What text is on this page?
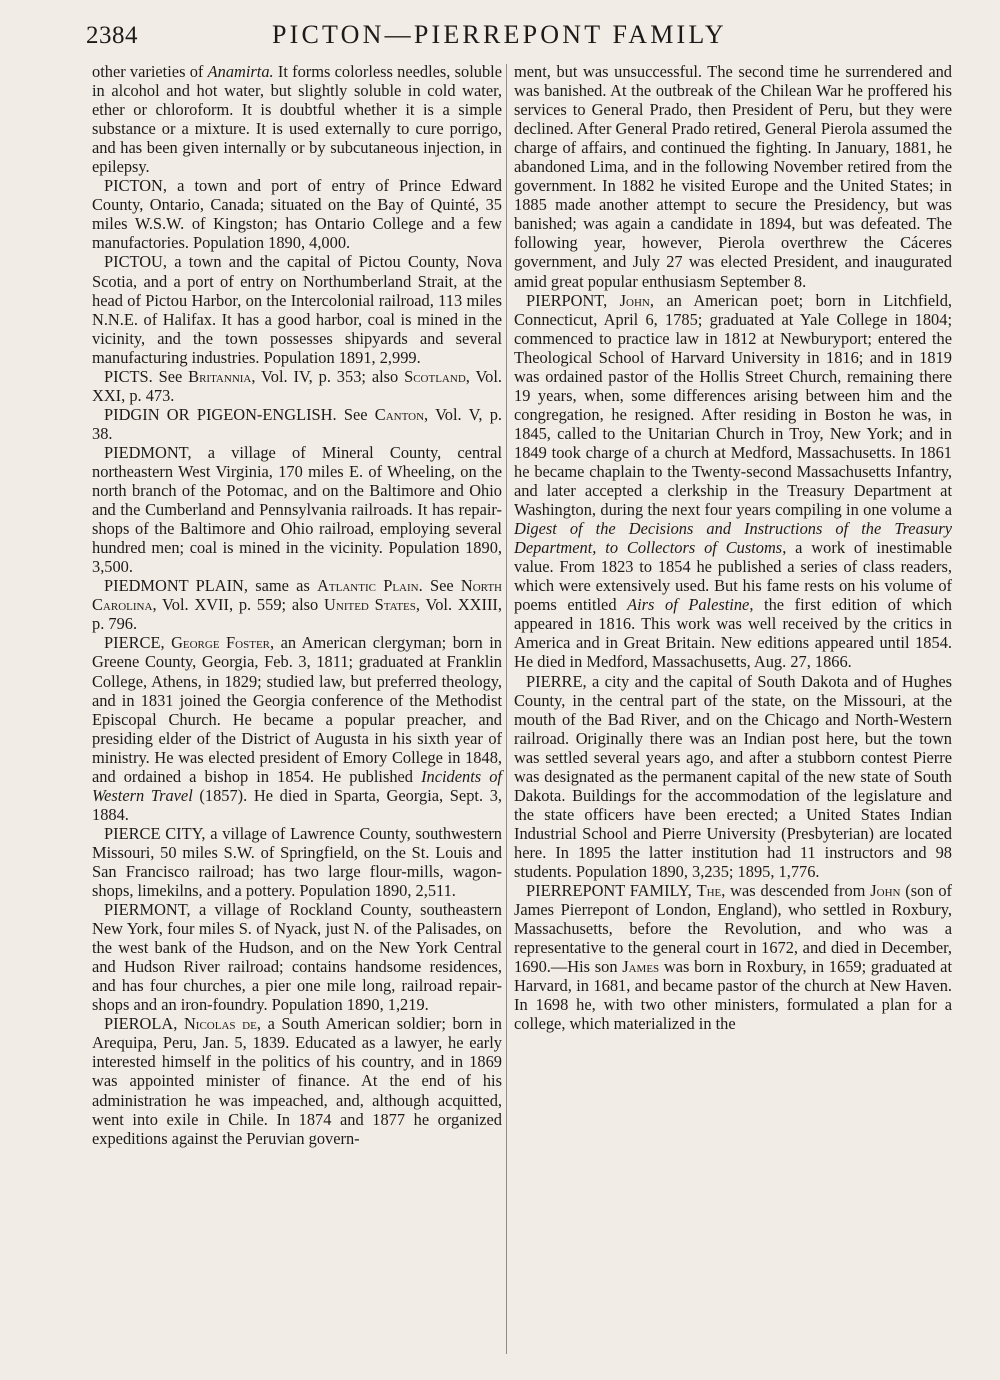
2384	PICTON—PIERREPONT FAMILY

other varieties of Anamirta. It forms colorless needles, soluble in alcohol and hot water, but slightly soluble in cold water, ether or chloroform. It is doubtful whether it is a simple substance or a mixture. It is used externally to cure porrigo, and has been given internally or by subcutaneous injection, in epilepsy.

PICTON, a town and port of entry of Prince Edward County, Ontario, Canada; situated on the Bay of Quinté, 35 miles W.S.W. of Kingston; has Ontario College and a few manufactories. Population 1890, 4,000.

PICTOU, a town and the capital of Pictou County, Nova Scotia, and a port of entry on Northumberland Strait, at the head of Pictou Harbor, on the Intercolonial railroad, 113 miles N.N.E. of Halifax. It has a good harbor, coal is mined in the vicinity, and the town possesses shipyards and several manufacturing industries. Population 1891, 2,999.

PICTS. See Britannia, Vol. IV, p. 353; also Scotland, Vol. XXI, p. 473.

PIDGIN OR PIGEON-ENGLISH. See Canton, Vol. V, p. 38.

PIEDMONT, a village of Mineral County, central northeastern West Virginia, 170 miles E. of Wheeling, on the north branch of the Potomac, and on the Baltimore and Ohio and the Cumberland and Pennsylvania railroads. It has repair-shops of the Baltimore and Ohio railroad, employing several hundred men; coal is mined in the vicinity. Population 1890, 3,500.

PIEDMONT PLAIN, same as Atlantic Plain. See North Carolina, Vol. XVII, p. 559; also United States, Vol. XXIII, p. 796.

PIERCE, George Foster, an American clergyman; born in Greene County, Georgia, Feb. 3, 1811; graduated at Franklin College, Athens, in 1829; studied law, but preferred theology, and in 1831 joined the Georgia conference of the Methodist Episcopal Church. He became a popular preacher, and presiding elder of the District of Augusta in his sixth year of ministry. He was elected president of Emory College in 1848, and ordained a bishop in 1854. He published Incidents of Western Travel (1857). He died in Sparta, Georgia, Sept. 3, 1884.

PIERCE CITY, a village of Lawrence County, southwestern Missouri, 50 miles S.W. of Springfield, on the St. Louis and San Francisco railroad; has two large flour-mills, wagon-shops, limekilns, and a pottery. Population 1890, 2,511.

PIERMONT, a village of Rockland County, southeastern New York, four miles S. of Nyack, just N. of the Palisades, on the west bank of the Hudson, and on the New York Central and Hudson River railroad; contains handsome residences, and has four churches, a pier one mile long, railroad repair-shops and an iron-foundry. Population 1890, 1,219.

PIEROLA, Nicolas de, a South American soldier; born in Arequipa, Peru, Jan. 5, 1839. Educated as a lawyer, he early interested himself in the politics of his country, and in 1869 was appointed minister of finance. At the end of his administration he was impeached, and, although acquitted, went into exile in Chile. In 1874 and 1877 he organized expeditions against the Peruvian govern-

ment, but was unsuccessful. The second time he surrendered and was banished. At the outbreak of the Chilean War he proffered his services to General Prado, then President of Peru, but they were declined. After General Prado retired, General Pierola assumed the charge of affairs, and continued the fighting. In January, 1881, he abandoned Lima, and in the following November retired from the government. In 1882 he visited Europe and the United States; in 1885 made another attempt to secure the Presidency, but was banished; was again a candidate in 1894, but was defeated. The following year, however, Pierola overthrew the Cáceres government, and July 27 was elected President, and inaugurated amid great popular enthusiasm September 8.

PIERPONT, John, an American poet; born in Litchfield, Connecticut, April 6, 1785; graduated at Yale College in 1804; commenced to practice law in 1812 at Newburyport; entered the Theological School of Harvard University in 1816; and in 1819 was ordained pastor of the Hollis Street Church, remaining there 19 years, when, some differences arising between him and the congregation, he resigned. After residing in Boston he was, in 1845, called to the Unitarian Church in Troy, New York; and in 1849 took charge of a church at Medford, Massachusetts. In 1861 he became chaplain to the Twenty-second Massachusetts Infantry, and later accepted a clerkship in the Treasury Department at Washington, during the next four years compiling in one volume a Digest of the Decisions and Instructions of the Treasury Department, to Collectors of Customs, a work of inestimable value. From 1823 to 1854 he published a series of class readers, which were extensively used. But his fame rests on his volume of poems entitled Airs of Palestine, the first edition of which appeared in 1816. This work was well received by the critics in America and in Great Britain. New editions appeared until 1854. He died in Medford, Massachusetts, Aug. 27, 1866.

PIERRE, a city and the capital of South Dakota and of Hughes County, in the central part of the state, on the Missouri, at the mouth of the Bad River, and on the Chicago and North-Western railroad. Originally there was an Indian post here, but the town was settled several years ago, and after a stubborn contest Pierre was designated as the permanent capital of the new state of South Dakota. Buildings for the accommodation of the legislature and the state officers have been erected; a United States Indian Industrial School and Pierre University (Presbyterian) are located here. In 1895 the latter institution had 11 instructors and 98 students. Population 1890, 3,235; 1895, 1,776.

PIERREPONT FAMILY, The, was descended from John (son of James Pierrepont of London, England), who settled in Roxbury, Massachusetts, before the Revolution, and who was a representative to the general court in 1672, and died in December, 1690.—His son James was born in Roxbury, in 1659; graduated at Harvard, in 1681, and became pastor of the church at New Haven. In 1698 he, with two other ministers, formulated a plan for a college, which materialized in the
